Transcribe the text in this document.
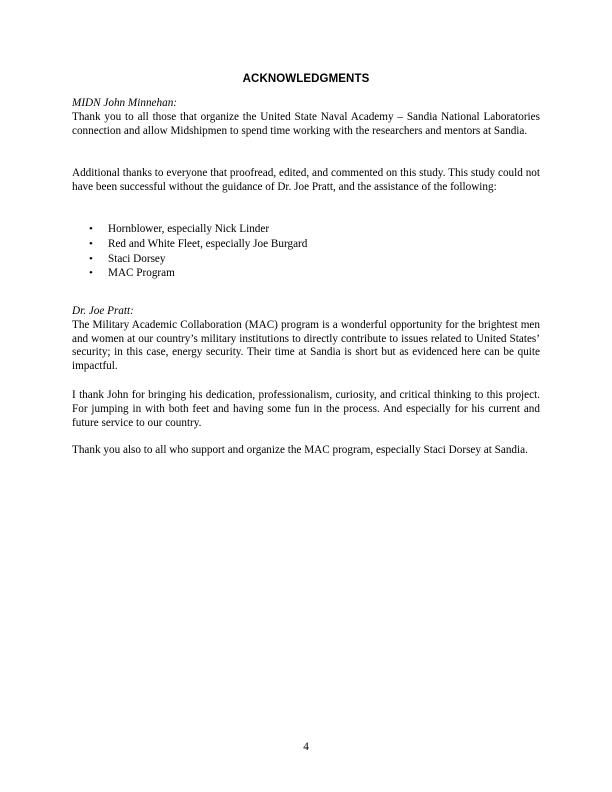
ACKNOWLEDGMENTS
MIDN John Minnehan:

Thank you to all those that organize the United State Naval Academy – Sandia National Laboratories connection and allow Midshipmen to spend time working with the researchers and mentors at Sandia.

Additional thanks to everyone that proofread, edited, and commented on this study. This study could not have been successful without the guidance of Dr. Joe Pratt, and the assistance of the following:

• Hornblower, especially Nick Linder
• Red and White Fleet, especially Joe Burgard
• Staci Dorsey
• MAC Program
Dr. Joe Pratt:

The Military Academic Collaboration (MAC) program is a wonderful opportunity for the brightest men and women at our country’s military institutions to directly contribute to issues related to United States’ security; in this case, energy security. Their time at Sandia is short but as evidenced here can be quite impactful.

I thank John for bringing his dedication, professionalism, curiosity, and critical thinking to this project. For jumping in with both feet and having some fun in the process. And especially for his current and future service to our country.

Thank you also to all who support and organize the MAC program, especially Staci Dorsey at Sandia.

4
